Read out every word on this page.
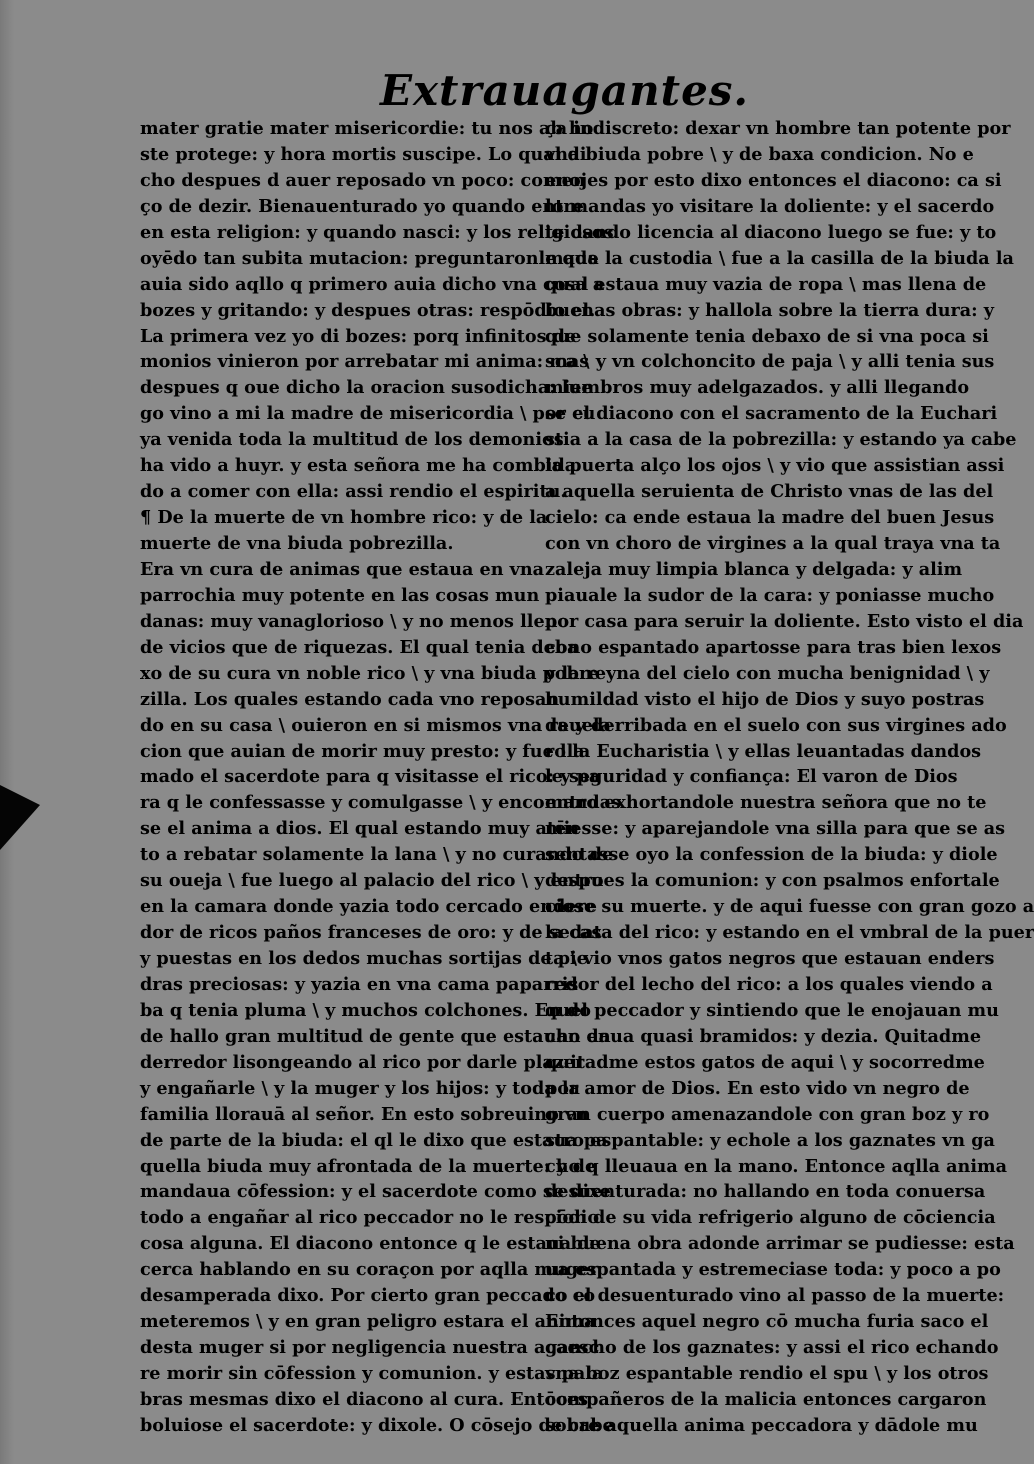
Extrauagantes.
mater gratie mater misericordie: tu nos ab ho
ste protege: y hora mortis suscipe. Lo qual di
cho despues d auer reposado vn poco: comen
ço de dezir. Bienauenturado yo quando entre
en esta religion: y quando nasci: y los religiosos
oyēdo tan subita mutacion: preguntaronle que
auia sido aqllo q primero auia dicho vna cosa a
bozes y gritando: y despues otras: respōdio el.
La primera vez yo di bozes: porq infinitos de
monios vinieron por arrebatar mi anima: mas
despues q oue dicho la oracion susodicha: lue
go vino a mi la madre de misericordia \ por cu
ya venida toda la multitud de los demonios
ha vido a huyr. y esta señora me ha combida
do a comer con ella: assi rendio el espiritu.
¶ De la muerte de vn hombre rico: y de la
muerte de vna biuda pobrezilla.
Era vn cura de animas que estaua en vna
parrochia muy potente en las cosas mun
danas: muy vanaglorioso \ y no menos lleno
de vicios que de riquezas. El qual tenia deba
xo de su cura vn noble rico \ y vna biuda pobre
zilla. Los quales estando cada vno reposan
do en su casa \ ouieron en si mismos vna reuela
cion que auian de morir muy presto: y fue lla
mado el sacerdote para q visitasse el rico: y pa
ra q le confessasse y comulgasse \ y encomandas
se el anima a dios. El qual estando muy atēn
to a rebatar solamente la lana \ y no curando de
su oueja \ fue luego al palacio del rico \ y entro
en la camara donde yazia todo cercado endere
dor de ricos paños franceses de oro: y de sedat
y puestas en los dedos muchas sortijas de pie
dras preciosas: y yazia en vna cama paparris
ba q tenia pluma \ y muchos colchones. En do
de hallo gran multitud de gente que estauan en
derredor lisongeando al rico por darle plazer
y engañarle \ y la muger y los hijos: y toda la
familia llorauā al señor. En esto sobreuino vn
de parte de la biuda: el ql le dixo que estaua pa
quella biuda muy afrontada de la muerte: y de
mandaua cōfession: y el sacerdote como se dixe
todo a engañar al rico peccador no le respōdio
cosa alguna. El diacono entonce q le estaua de
cerca hablando en su coraçon por aqlla muger
desamperada dixo. Por cierto gran peccado co
meteremos \ y en gran peligro estara el anima
desta muger si por negligencia nuestra acaesc
re morir sin cōfession y comunion. y estas pala
bras mesmas dixo el diacono al cura. Entōces
boluiose el sacerdote: y dixole. O cōsejo de cabe
ça indiscreto: dexar vn hombre tan potente por
vna biuda pobre \ y de baxa condicion. No e
enojes por esto dixo entonces el diacono: ca si
lo mandas yo visitare la doliente: y el sacerdo
te dando licencia al diacono luego se fue: y to
mada la custodia \ fue a la casilla de la biuda la
qual estaua muy vazia de ropa \ mas llena de
buenas obras: y hallola sobre la tierra dura: y
que solamente tenia debaxo de si vna poca si
sca \ y vn colchoncito de paja \ y alli tenia sus
miembros muy adelgazados. y alli llegando
se el diacono con el sacramento de la Euchari
stia a la casa de la pobrezilla: y estando ya cabe
la puerta alço los ojos \ y vio que assistian assi
a aquella seruienta de Christo vnas de las del
cielo: ca ende estaua la madre del buen Jesus
con vn choro de virgines a la qual traya vna ta
zaleja muy limpia blanca y delgada: y alim
piauale la sudor de la cara: y poniasse mucho
por casa para seruir la doliente. Esto visto el dia
cono espantado apartosse para tras bien lexos
y la reyna del cielo con mucha benignidad \ y
humildad visto el hijo de Dios y suyo postras
da y derribada en el suelo con sus virgines ado
ro la Eucharistia \ y ellas leuantadas dandos
le seguridad y confiança: El varon de Dios
entro exhortandole nuestra señora que no te
miesse: y aparejandole vna silla para que se as
sentasse oyo la confession de la biuda: y diole
despues la comunion: y con psalmos enfortale
ciose su muerte. y de aqui fuesse con gran gozo a
la casa del rico: y estando en el vmbral de la puer
ta \ vio vnos gatos negros que estauan enders
redor del lecho del rico: a los quales viendo a
quel peccador y sintiendo que le enojauan mu
cho daua quasi bramidos: y dezia. Quitadme
quitadme estos gatos de aqui \ y socorredme
por amor de Dios. En esto vido vn negro de
gran cuerpo amenazandole con gran boz y ro
stro espantable: y echole a los gaznates vn ga
cho q lleuaua en la mano. Entonce aqlla anima
desuenturada: no hallando en toda conuersa
cion de su vida refrigerio alguno de cōciencia
ni buena obra adonde arrimar se pudiesse: esta
ua espantada y estremeciase toda: y poco a po
co el desuenturado vino al passo de la muerte:
Entonces aquel negro cō mucha furia saco el
gancho de los gaznates: y assi el rico echando
vna boz espantable rendio el spu \ y los otros
compañeros de la malicia entonces cargaron
sobre aquella anima peccadora y dādole mu
